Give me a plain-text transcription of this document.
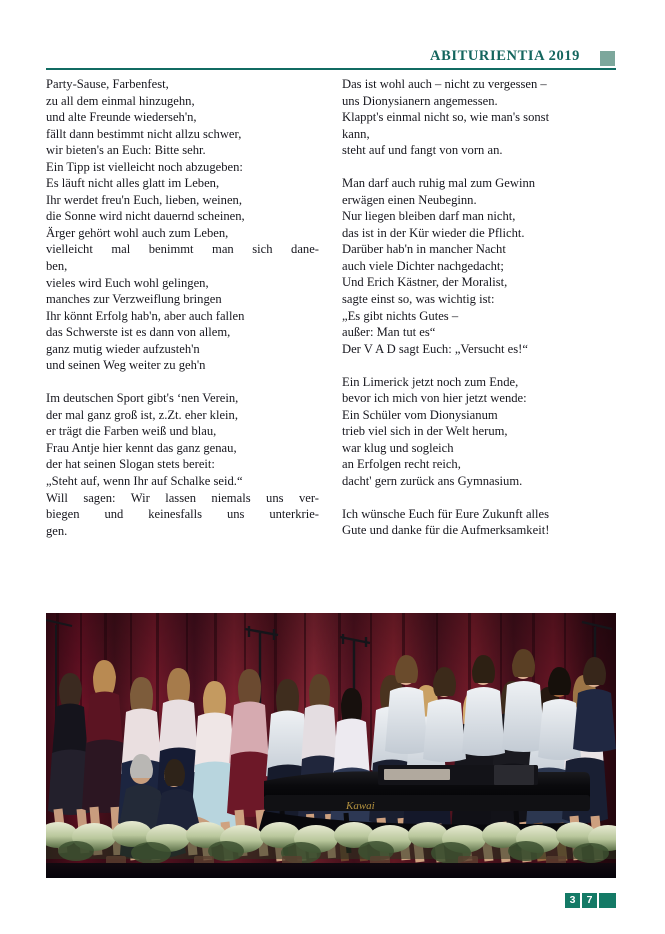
ABITURIENTIA 2019
Party-Sause, Farbenfest,
zu all dem einmal hinzugehn,
und alte Freunde wiederseh'n,
fällt dann bestimmt nicht allzu schwer,
wir bieten's an Euch: Bitte sehr.
Ein Tipp ist vielleicht noch abzugeben:
Es läuft nicht alles glatt im Leben,
Ihr werdet freu'n Euch, lieben, weinen,
die Sonne wird nicht dauernd scheinen,
Ärger gehört wohl auch zum Leben,
vielleicht mal benimmt man sich dane-
ben,
vieles wird Euch wohl gelingen,
manches zur Verzweiflung bringen
Ihr könnt Erfolg hab'n, aber auch fallen
das Schwerste ist es dann von allem,
ganz mutig wieder aufzusteh'n
und seinen Weg weiter zu geh'n
Im deutschen Sport gibt's ‘nen Verein,
der mal ganz groß ist, z.Zt. eher klein,
er trägt die Farben weiß und blau,
Frau Antje hier kennt das ganz genau,
der hat seinen Slogan stets bereit:
„Steht auf, wenn Ihr auf Schalke seid.“
Will sagen: Wir lassen niemals uns ver-
biegen und keinesfalls uns unterkrie-
gen.
Das ist wohl auch – nicht zu vergessen –
uns Dionysianern angemessen.
Klappt's einmal nicht so, wie man's sonst
kann,
steht auf und fangt von vorn an.
Man darf auch ruhig mal zum Gewinn
erwägen einen Neubeginn.
Nur liegen bleiben darf man nicht,
das ist in der Kür wieder die Pflicht.
Darüber hab'n in mancher Nacht
auch viele Dichter nachgedacht;
Und Erich Kästner, der Moralist,
sagte einst so, was wichtig ist:
„Es gibt nichts Gutes –
außer: Man tut es“
Der V A D sagt Euch: „Versucht es!“
Ein Limerick jetzt noch zum Ende,
bevor ich mich von hier jetzt wende:
Ein Schüler vom Dionysianum
trieb viel sich in der Welt herum,
war klug und sogleich
an Erfolgen recht reich,
dacht' gern zurück ans Gymnasium.
Ich wünsche Euch für Eure Zukunft alles
Gute und danke für die Aufmerksamkeit!
Kawai
3	7
